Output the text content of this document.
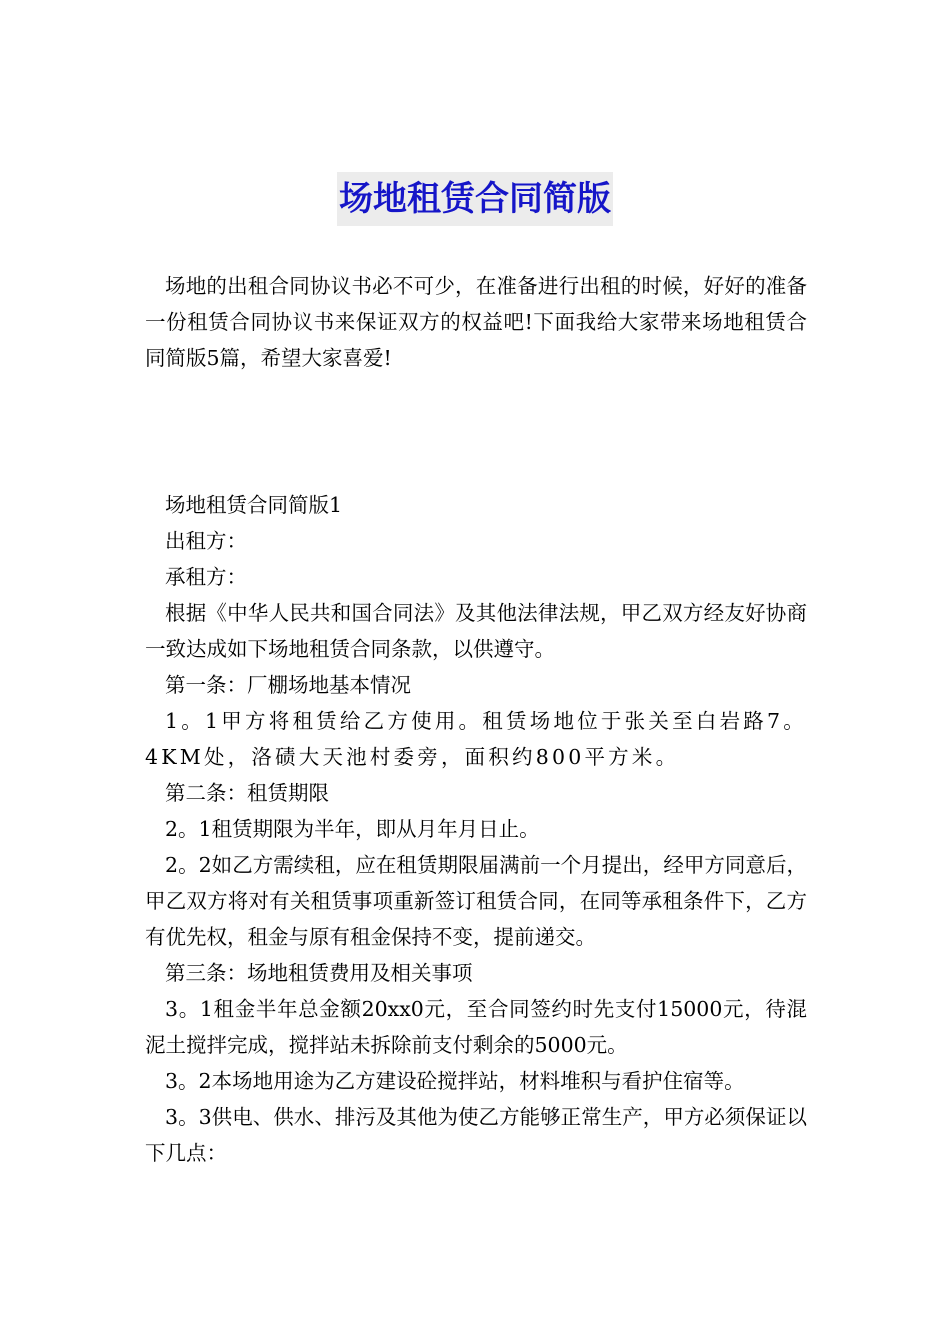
场地租赁合同简版

场地的出租合同协议书必不可少，在准备进行出租的时候，好好的准备一份租赁合同协议书来保证双方的权益吧!下面我给大家带来场地租赁合同简版5篇，希望大家喜爱!

场地租赁合同简版1

出租方：

承租方：

根据《中华人民共和国合同法》及其他法律法规，甲乙双方经友好协商一致达成如下场地租赁合同条款，以供遵守。

第一条：厂棚场地基本情况

1。1甲方将租赁给乙方使用。租赁场地位于张关至白岩路7。4KM处，洛碛大天池村委旁，面积约800平方米。

第二条：租赁期限

2。1租赁期限为半年，即从月年月日止。

2。2如乙方需续租，应在租赁期限届满前一个月提出，经甲方同意后，甲乙双方将对有关租赁事项重新签订租赁合同，在同等承租条件下，乙方有优先权，租金与原有租金保持不变，提前递交。

第三条：场地租赁费用及相关事项

3。1租金半年总金额20xx0元，至合同签约时先支付15000元，待混泥土搅拌完成，搅拌站未拆除前支付剩余的5000元。

3。2本场地用途为乙方建设砼搅拌站，材料堆积与看护住宿等。

3。3供电、供水、排污及其他为使乙方能够正常生产，甲方必须保证以下几点：
